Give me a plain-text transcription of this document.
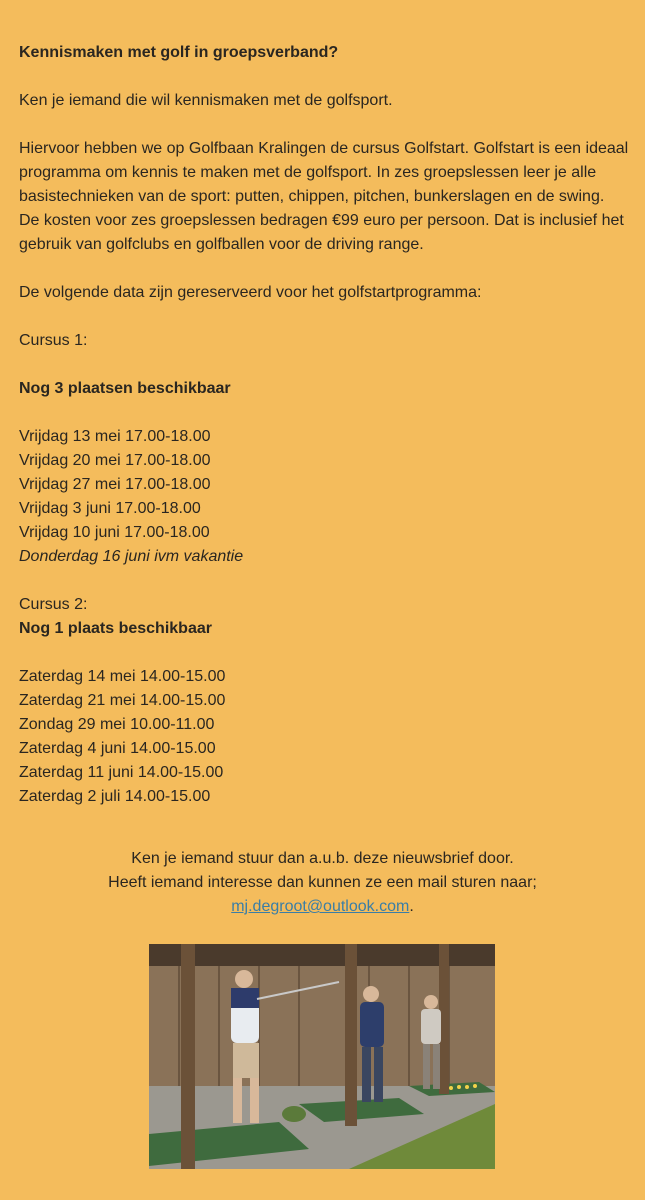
Kennismaken met golf in groepsverband?

Ken je iemand die wil kennismaken met de golfsport.

Hiervoor hebben we op Golfbaan Kralingen de cursus Golfstart. Golfstart is een ideaal programma om kennis te maken met de golfsport. In zes groepslessen leer je alle basistechnieken van de sport: putten, chippen, pitchen, bunkerslagen en de swing. De kosten voor zes groepslessen bedragen €99 euro per persoon. Dat is inclusief het gebruik van golfclubs en golfballen voor de driving range.

De volgende data zijn gereserveerd voor het golfstartprogramma:

Cursus 1:

Nog 3 plaatsen beschikbaar

Vrijdag 13 mei 17.00-18.00

Vrijdag 20 mei 17.00-18.00

Vrijdag 27 mei 17.00-18.00

Vrijdag 3 juni 17.00-18.00

Vrijdag 10 juni 17.00-18.00

Donderdag 16 juni ivm vakantie

Cursus 2:

Nog 1 plaats beschikbaar

Zaterdag 14 mei 14.00-15.00

Zaterdag 21 mei 14.00-15.00

Zondag 29 mei 10.00-11.00

Zaterdag 4 juni 14.00-15.00

Zaterdag 11 juni 14.00-15.00

Zaterdag 2 juli 14.00-15.00

Ken je iemand stuur dan a.u.b. deze nieuwsbrief door.

Heeft iemand interesse dan kunnen ze een mail sturen naar;

mj.degroot@outlook.com.
